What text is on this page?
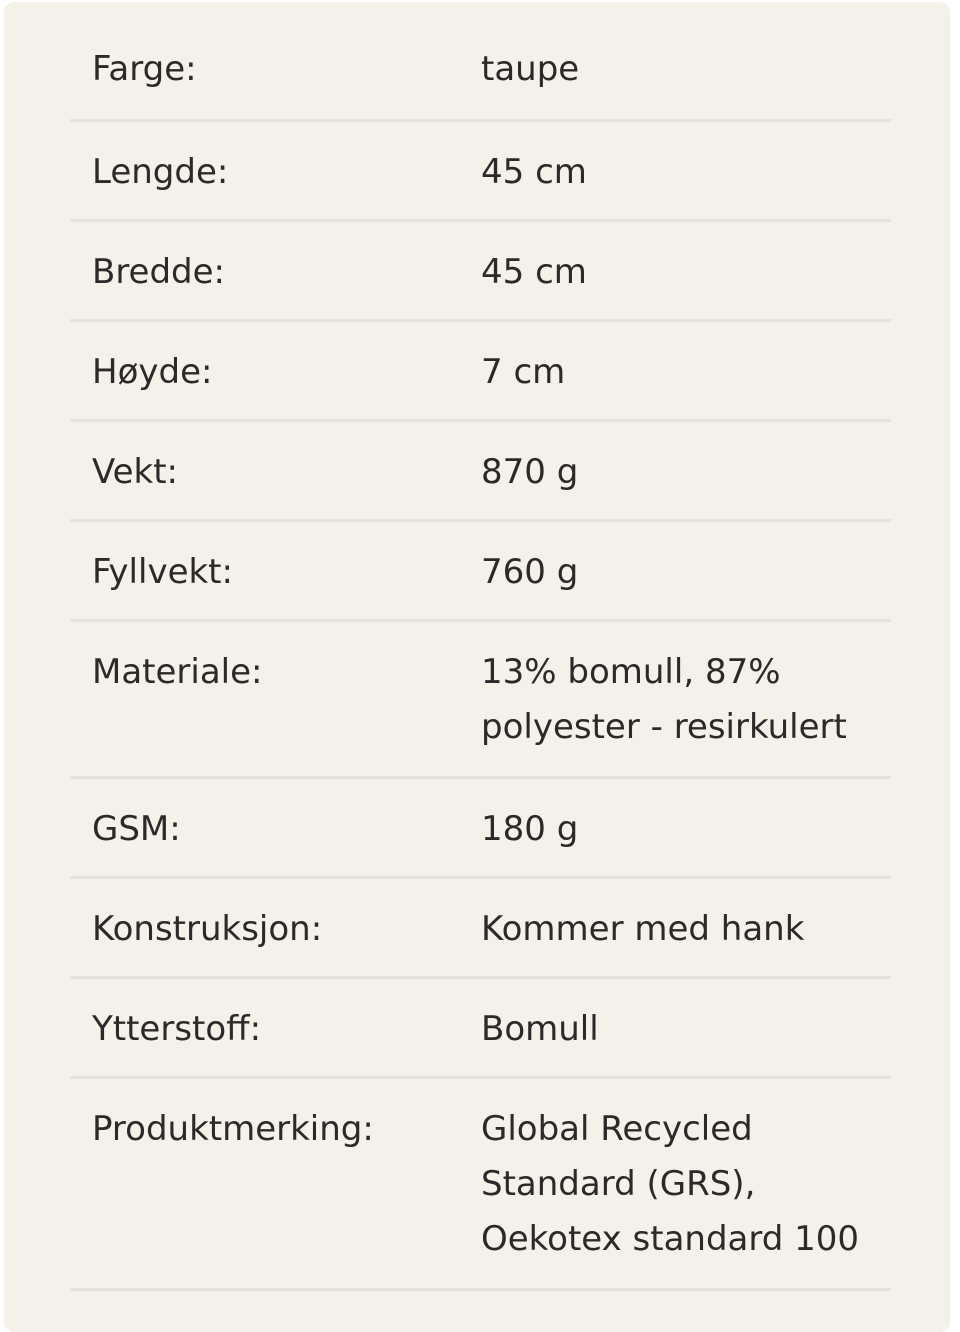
Farge:	taupe
Lengde:	45 cm
Bredde:	45 cm
Høyde:	7 cm
Vekt:	870 g
Fyllvekt:	760 g
Materiale:	13% bomull, 87% polyester - resirkulert
GSM:	180 g
Konstruksjon:	Kommer med hank
Ytterstoff:	Bomull
Produktmerking:	Global Recycled Standard (GRS), Oekotex standard 100
